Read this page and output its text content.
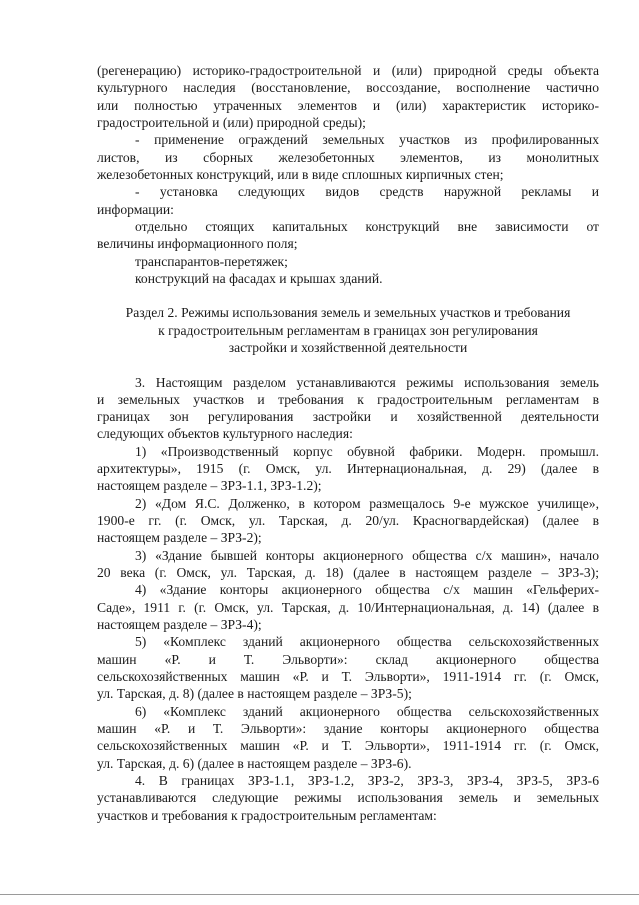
(регенерацию) историко-градостроительной и (или) природной среды объекта
культурного наследия (восстановление, воссоздание, восполнение частично
или полностью утраченных элементов и (или) характеристик историко-
градостроительной и (или) природной среды);
- применение ограждений земельных участков из профилированных
листов, из сборных железобетонных элементов, из монолитных
железобетонных конструкций, или в виде сплошных кирпичных стен;
- установка следующих видов средств наружной рекламы и
информации:
отдельно стоящих капитальных конструкций вне зависимости от
величины информационного поля;
транспарантов-перетяжек;
конструкций на фасадах и крышах зданий.
Раздел 2. Режимы использования земель и земельных участков и требования
к градостроительным регламентам в границах зон регулирования
застройки и хозяйственной деятельности
3. Настоящим разделом устанавливаются режимы использования земель
и земельных участков и требования к градостроительным регламентам в
границах зон регулирования застройки и хозяйственной деятельности
следующих объектов культурного наследия:
1) «Производственный корпус обувной фабрики. Модерн. промышл.
архитектуры», 1915 (г. Омск, ул. Интернациональная, д. 29) (далее в
настоящем разделе – ЗРЗ-1.1, ЗРЗ-1.2);
2) «Дом Я.С. Долженко, в котором размещалось 9-е мужское училище»,
1900-е гг. (г. Омск, ул. Тарская, д. 20/ул. Красногвардейская) (далее в
настоящем разделе – ЗРЗ-2);
3) «Здание бывшей конторы акционерного общества с/х машин», начало
20 века (г. Омск, ул. Тарская, д. 18) (далее в настоящем разделе – ЗРЗ-3);
4) «Здание конторы акционерного общества с/х машин «Гельферих-
Саде», 1911 г. (г. Омск, ул. Тарская, д. 10/Интернациональная, д. 14) (далее в
настоящем разделе – ЗРЗ-4);
5) «Комплекс зданий акционерного общества сельскохозяйственных
машин «Р. и Т. Эльворти»: склад акционерного общества
сельскохозяйственных машин «Р. и Т. Эльворти», 1911-1914 гг. (г. Омск,
ул. Тарская, д. 8) (далее в настоящем разделе – ЗРЗ-5);
6) «Комплекс зданий акционерного общества сельскохозяйственных
машин «Р. и Т. Эльворти»: здание конторы акционерного общества
сельскохозяйственных машин «Р. и Т. Эльворти», 1911-1914 гг. (г. Омск,
ул. Тарская, д. 6) (далее в настоящем разделе – ЗРЗ-6).
4. В границах ЗРЗ-1.1, ЗРЗ-1.2, ЗРЗ-2, ЗРЗ-3, ЗРЗ-4, ЗРЗ-5, ЗРЗ-6
устанавливаются следующие режимы использования земель и земельных
участков и требования к градостроительным регламентам:
